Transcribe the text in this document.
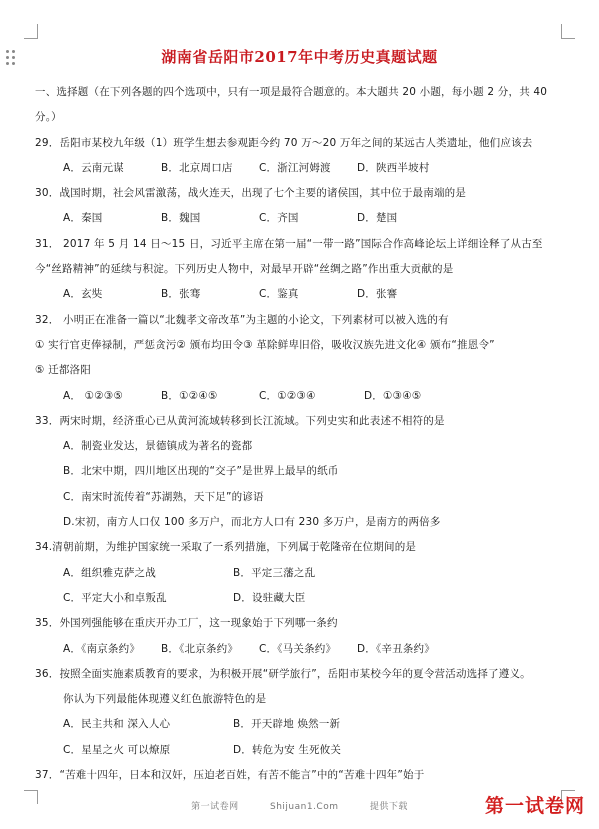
湖南省岳阳市2017年中考历史真题试题
一、选择题（在下列各题的四个选项中，只有一项是最符合题意的。本大题共 20 小题，每小题 2 分，共 40
分。）
29．岳阳市某校九年级（1）班学生想去参观距今约 70 万～20 万年之间的某远古人类遗址，他们应该去
A．云南元谋	B．北京周口店	C．浙江河姆渡	D．陕西半坡村
30．战国时期，社会风雷激荡，战火连天，出现了七个主要的诸侯国，其中位于最南端的是
A．秦国	B．魏国	C．齐国	D．楚国
31． 2017 年 5 月 14 日～15 日，习近平主席在第一届“一带一路”国际合作高峰论坛上详细诠释了从古至
今“丝路精神”的延续与积淀。下列历史人物中，对最早开辟“丝绸之路”作出重大贡献的是
A．玄奘	B．张骞	C．鉴真	D．张謇
32． 小明正在准备一篇以“北魏孝文帝改革”为主题的小论文，下列素材可以被入选的有
① 实行官吏俸禄制，严惩贪污② 颁布均田令③ 革除鲜卑旧俗，吸收汉族先进文化④ 颁布“推恩令”
⑤ 迁都洛阳
A． ①②③⑤	B．①②④⑤	C．①②③④	D．①③④⑤
33．两宋时期，经济重心已从黄河流域转移到长江流域。下列史实和此表述不相符的是
A．制瓷业发达，景德镇成为著名的瓷都
B．北宋中期，四川地区出现的“交子”是世界上最早的纸币
C．南宋时流传着“苏湖熟，天下足”的谚语
D.宋初，南方人口仅 100 多万户，而北方人口有 230 多万户，是南方的两倍多
34.清朝前期，为维护国家统一采取了一系列措施，下列属于乾隆帝在位期间的是
A．组织雅克萨之战	B．平定三藩之乱
C．平定大小和卓叛乱	D．设驻藏大臣
35．外国列强能够在重庆开办工厂，这一现象始于下列哪一条约
A．《南京条约》	B．《北京条约》	C．《马关条约》	D．《辛丑条约》
36．按照全面实施素质教育的要求，为积极开展“研学旅行”，岳阳市某校今年的夏令营活动选择了遵义。
你认为下列最能体现遵义红色旅游特色的是
A．民主共和 深入人心	B．开天辟地 焕然一新
C．星星之火 可以燎原	D．转危为安 生死攸关
37．“苦难十四年，日本和汉奸，压迫老百姓，有苦不能言”中的“苦难十四年”始于
第一试卷网	Shijuan1.Com	提供下载	第一试卷网
